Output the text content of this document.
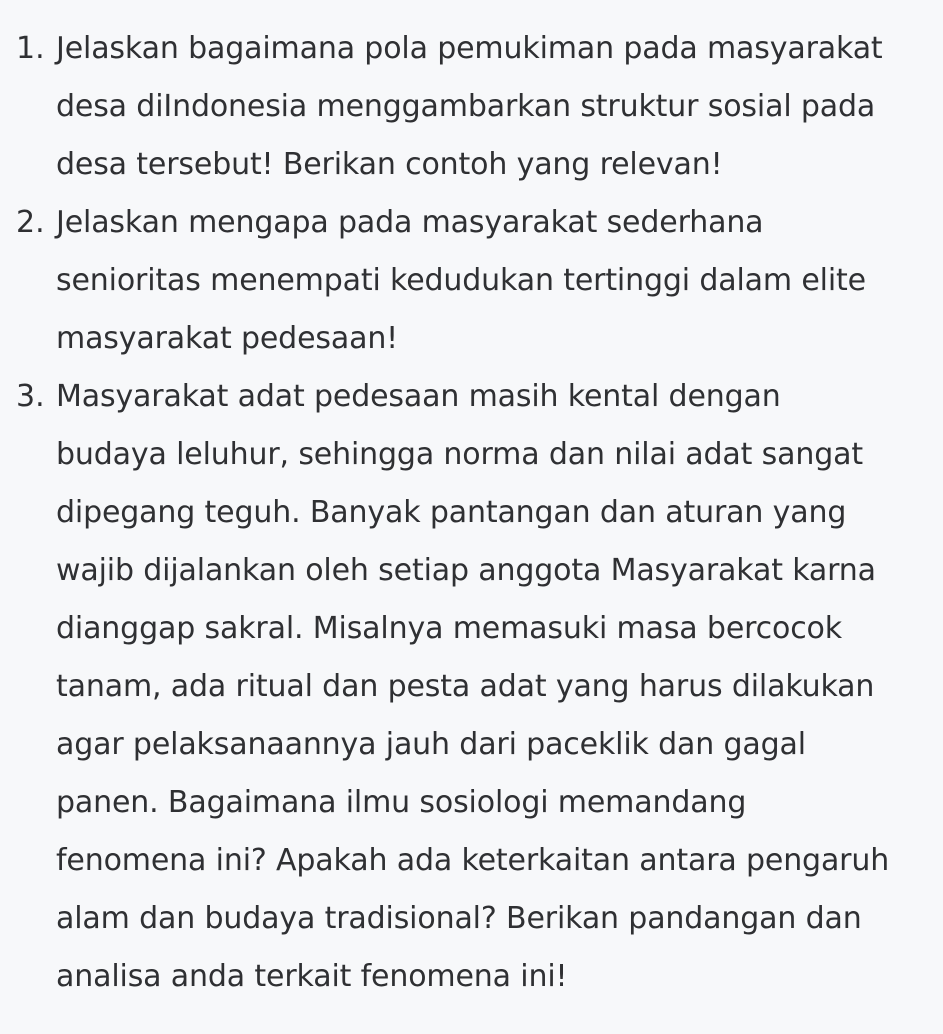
1. Jelaskan bagaimana pola pemukiman pada masyarakat
desa diIndonesia menggambarkan struktur sosial pada
desa tersebut! Berikan contoh yang relevan!
2. Jelaskan mengapa pada masyarakat sederhana
senioritas menempati kedudukan tertinggi dalam elite
masyarakat pedesaan!
3. Masyarakat adat pedesaan masih kental dengan
budaya leluhur, sehingga norma dan nilai adat sangat
dipegang teguh. Banyak pantangan dan aturan yang
wajib dijalankan oleh setiap anggota Masyarakat karna
dianggap sakral. Misalnya memasuki masa bercocok
tanam, ada ritual dan pesta adat yang harus dilakukan
agar pelaksanaannya jauh dari paceklik dan gagal
panen. Bagaimana ilmu sosiologi memandang
fenomena ini? Apakah ada keterkaitan antara pengaruh
alam dan budaya tradisional? Berikan pandangan dan
analisa anda terkait fenomena ini!
